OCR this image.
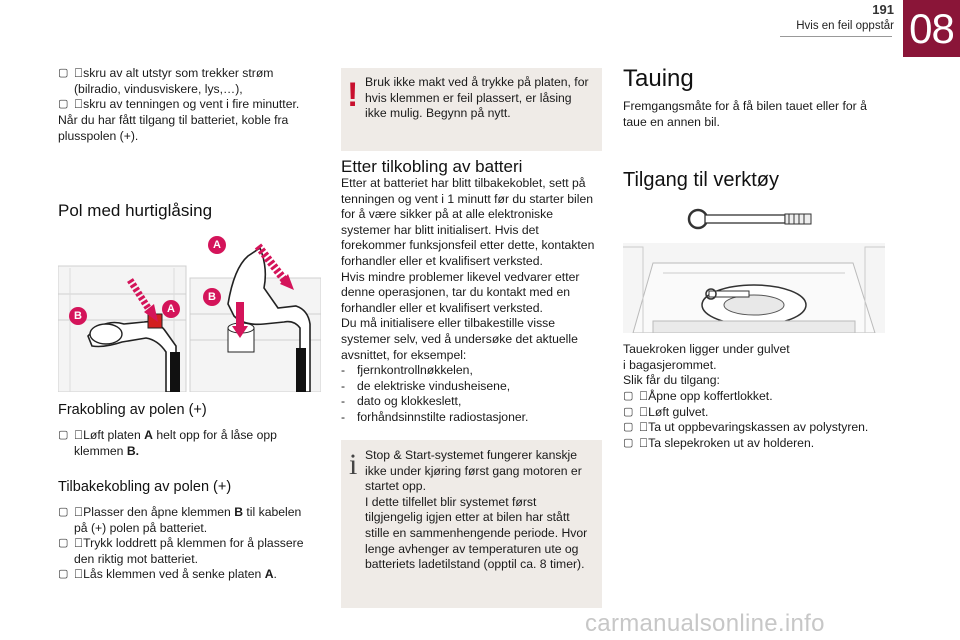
191
Hvis en feil oppstår 08
▢ skru av alt utstyr som trekker strøm (bilradio, vindusviskere, lys,…),
▢ skru av tenningen og vent i fire minutter.

Når du har fått tilgang til batteriet, koble fra plusspolen (+).

Pol med hurtiglåsing
B
A
B
A
Frakobling av polen (+)
▢ Løft platen A helt opp for å låse opp klemmen B.
Tilbakekobling av polen (+)
▢ Plasser den åpne klemmen B til kabelen på (+) polen på batteriet.
▢ Trykk loddrett på klemmen for å plassere den riktig mot batteriet.
▢ Lås klemmen ved å senke platen A.
! Bruk ikke makt ved å trykke på platen, for hvis klemmen er feil plassert, er låsing ikke mulig. Begynn på nytt.

Etter tilkobling av batteri

Etter at batteriet har blitt tilbakekoblet, sett på tenningen og vent i 1 minutt før du starter bilen for å være sikker på at alle elektroniske systemer har blitt initialisert. Hvis det forekommer funksjonsfeil etter dette, kontakten forhandler eller et kvalifisert verksted.

Hvis mindre problemer likevel vedvarer etter denne operasjonen, tar du kontakt med en forhandler eller et kvalifisert verksted.

Du må initialisere eller tilbakestille visse systemer selv, ved å undersøke det aktuelle avsnittet, for eksempel:

- fjernkontrollnøkkelen,
- de elektriske vindusheisene,
- dato og klokkeslett,
- forhåndsinnstilte radiostasjoner.
i Stop & Start-systemet fungerer kanskje ikke under kjøring først gang motoren er startet opp.

I dette tilfellet blir systemet først tilgjengelig igjen etter at bilen har stått stille en sammenhengende periode. Hvor lenge avhenger av temperaturen ute og batteriets ladetilstand (opptil ca. 8 timer).

Tauing

Fremgangsmåte for å få bilen tauet eller for å taue en annen bil.

Tilgang til verktøy

Tauekroken ligger under gulvet

i bagasjerommet.

Slik får du tilgang:

▢ Åpne opp koffertlokket.
▢ Løft gulvet.
▢ Ta ut oppbevaringskassen av polystyren.
▢ Ta slepekroken ut av holderen.
carmanualsonline.info
